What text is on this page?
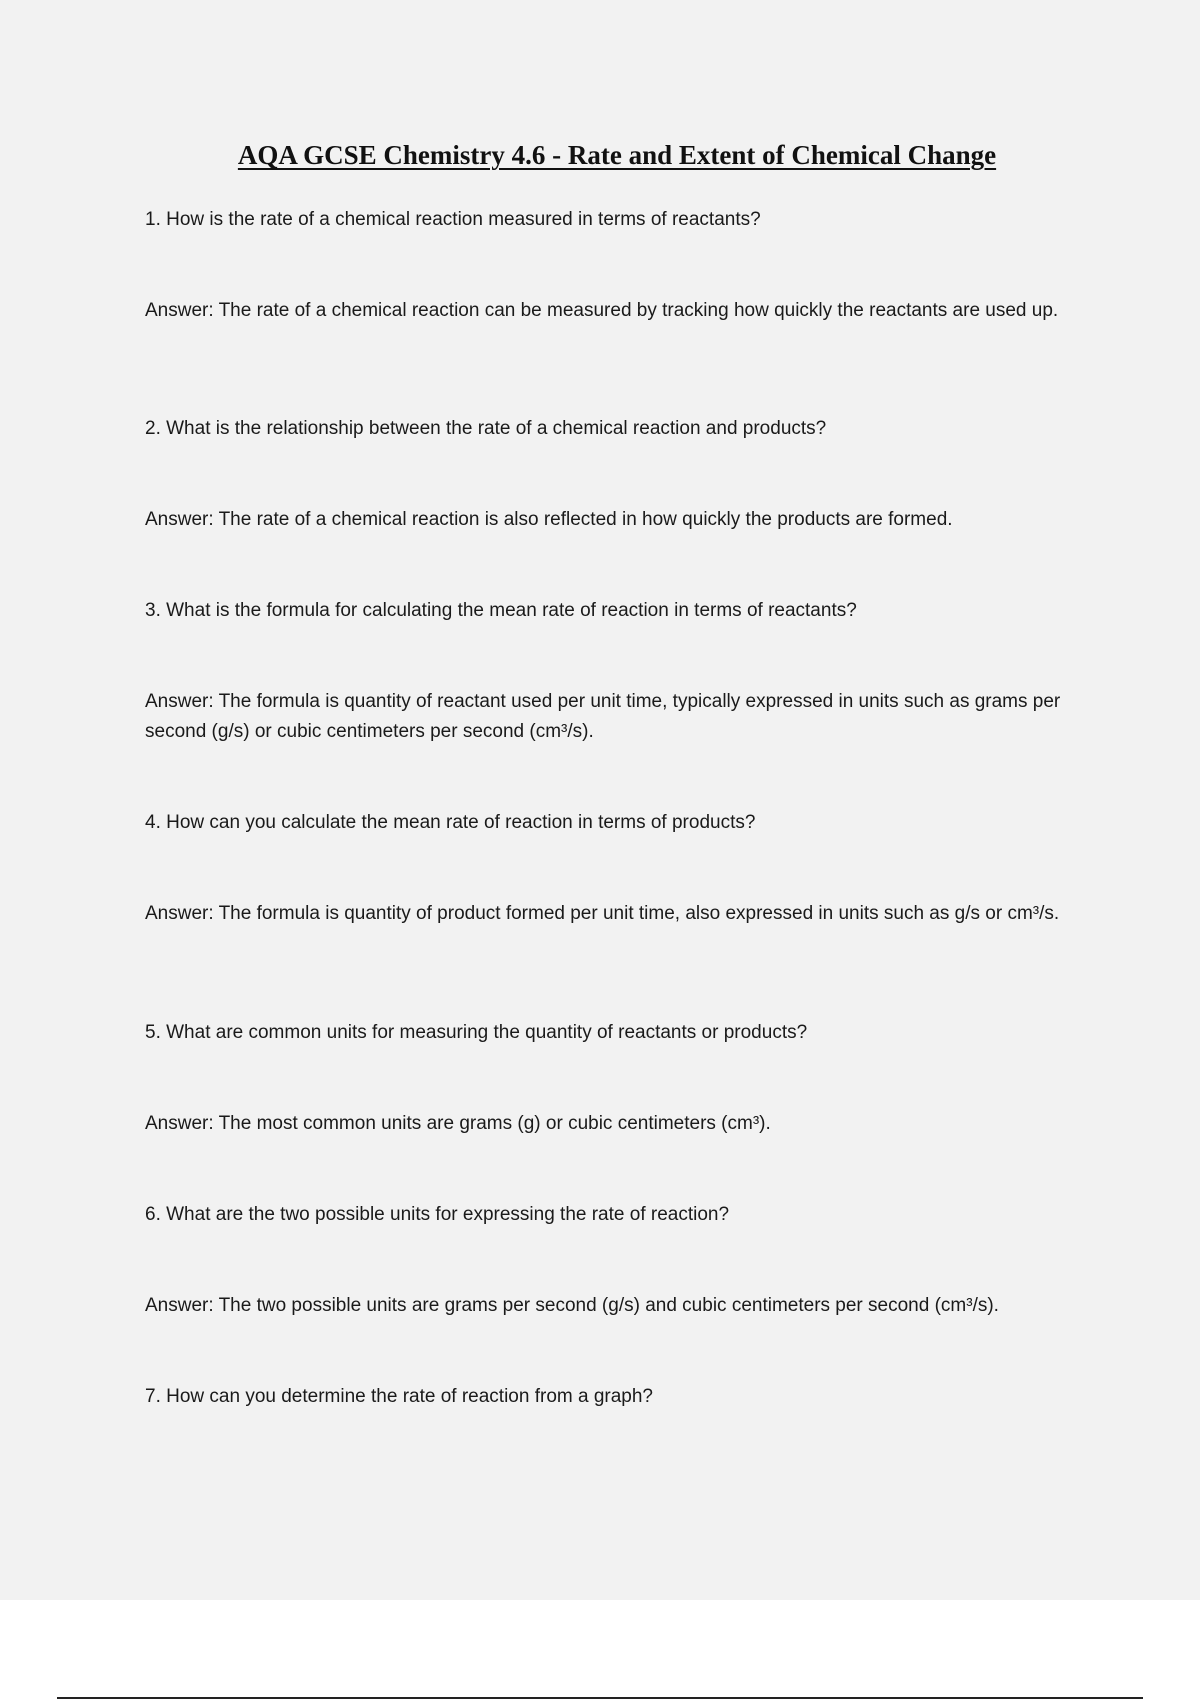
AQA GCSE Chemistry 4.6 - Rate and Extent of Chemical Change
1. How is the rate of a chemical reaction measured in terms of reactants?
Answer: The rate of a chemical reaction can be measured by tracking how quickly the reactants are used up.
2. What is the relationship between the rate of a chemical reaction and products?
Answer: The rate of a chemical reaction is also reflected in how quickly the products are formed.
3. What is the formula for calculating the mean rate of reaction in terms of reactants?
Answer: The formula is quantity of reactant used per unit time, typically expressed in units such as grams per second (g/s) or cubic centimeters per second (cm³/s).
4. How can you calculate the mean rate of reaction in terms of products?
Answer: The formula is quantity of product formed per unit time, also expressed in units such as g/s or cm³/s.
5. What are common units for measuring the quantity of reactants or products?
Answer: The most common units are grams (g) or cubic centimeters (cm³).
6. What are the two possible units for expressing the rate of reaction?
Answer: The two possible units are grams per second (g/s) and cubic centimeters per second (cm³/s).
7. How can you determine the rate of reaction from a graph?
